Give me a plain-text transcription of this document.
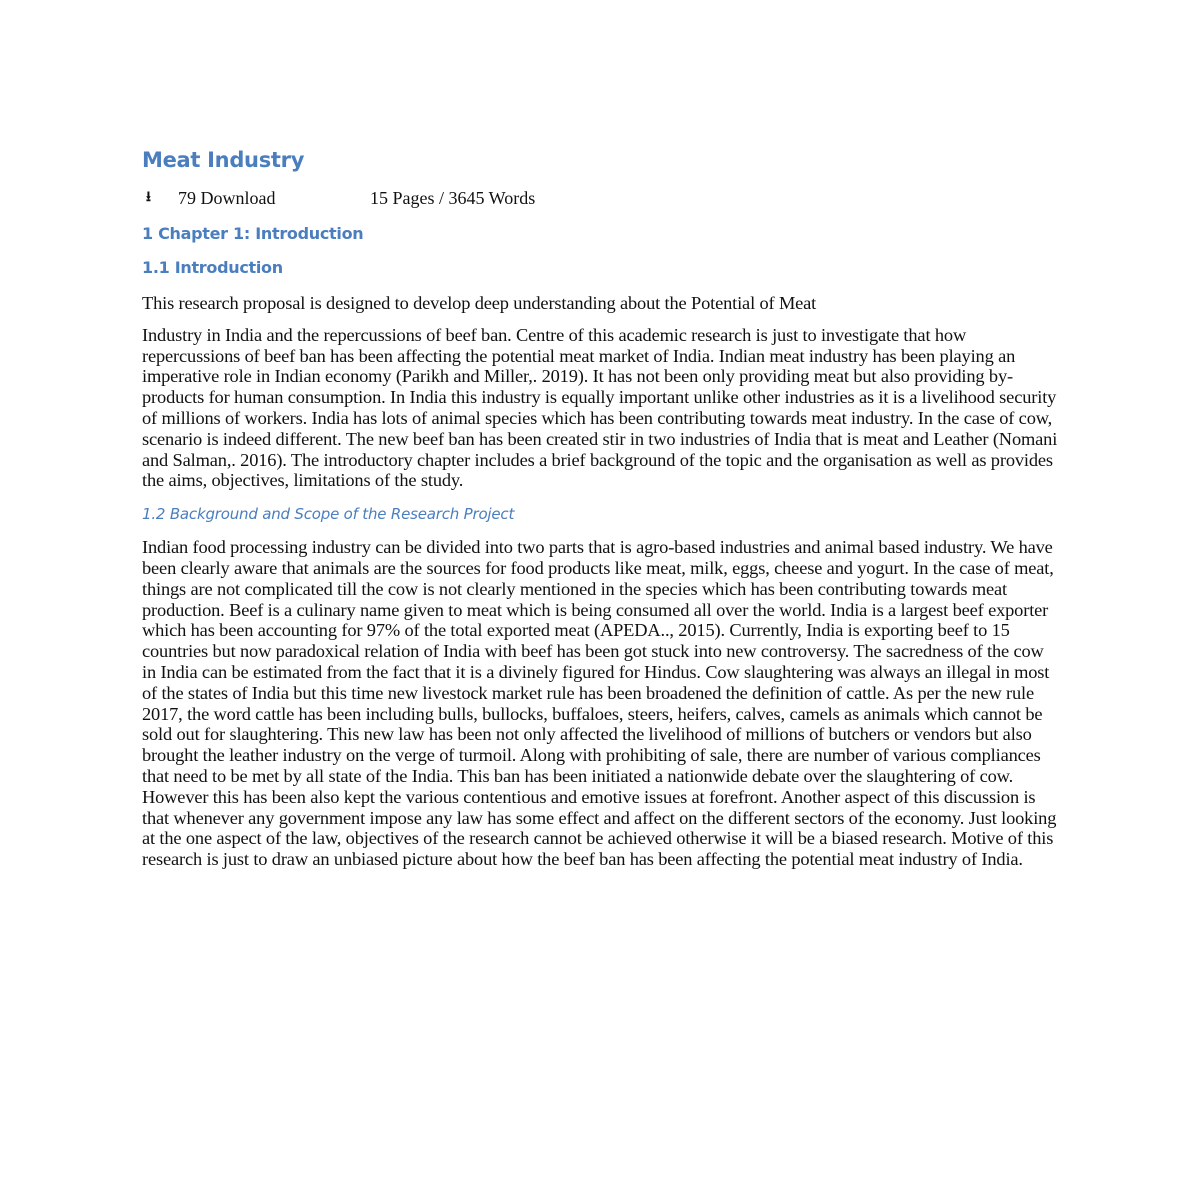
Meat Industry
⭳	79 Download	15 Pages / 3645 Words
1 Chapter 1: Introduction
1.1 Introduction

This research proposal is designed to develop deep understanding about the Potential of Meat

Industry in India and the repercussions of beef ban. Centre of this academic research is just to investigate that how repercussions of beef ban has been affecting the potential meat market of India. Indian meat industry has been playing an imperative role in Indian economy (Parikh and Miller,. 2019). It has not been only providing meat but also providing by-products for human consumption. In India this industry is equally important unlike other industries as it is a livelihood security of millions of workers. India has lots of animal species which has been contributing towards meat industry. In the case of cow, scenario is indeed different. The new beef ban has been created stir in two industries of India that is meat and Leather (Nomani and Salman,. 2016). The introductory chapter includes a brief background of the topic and the organisation as well as provides the aims, objectives, limitations of the study.

1.2 Background and Scope of the Research Project

Indian food processing industry can be divided into two parts that is agro-based industries and animal based industry. We have been clearly aware that animals are the sources for food products like meat, milk, eggs, cheese and yogurt. In the case of meat, things are not complicated till the cow is not clearly mentioned in the species which has been contributing towards meat production. Beef is a culinary name given to meat which is being consumed all over the world. India is a largest beef exporter which has been accounting for 97% of the total exported meat (APEDA.., 2015). Currently, India is exporting beef to 15 countries but now paradoxical relation of India with beef has been got stuck into new controversy. The sacredness of the cow in India can be estimated from the fact that it is a divinely figured for Hindus. Cow slaughtering was always an illegal in most of the states of India but this time new livestock market rule has been broadened the definition of cattle. As per the new rule 2017, the word cattle has been including bulls, bullocks, buffaloes, steers, heifers, calves, camels as animals which cannot be sold out for slaughtering. This new law has been not only affected the livelihood of millions of butchers or vendors but also brought the leather industry on the verge of turmoil. Along with prohibiting of sale, there are number of various compliances that need to be met by all state of the India. This ban has been initiated a nationwide debate over the slaughtering of cow. However this has been also kept the various contentious and emotive issues at forefront. Another aspect of this discussion is that whenever any government impose any law has some effect and affect on the different sectors of the economy. Just looking at the one aspect of the law, objectives of the research cannot be achieved otherwise it will be a biased research. Motive of this research is just to draw an unbiased picture about how the beef ban has been affecting the potential meat industry of India.
